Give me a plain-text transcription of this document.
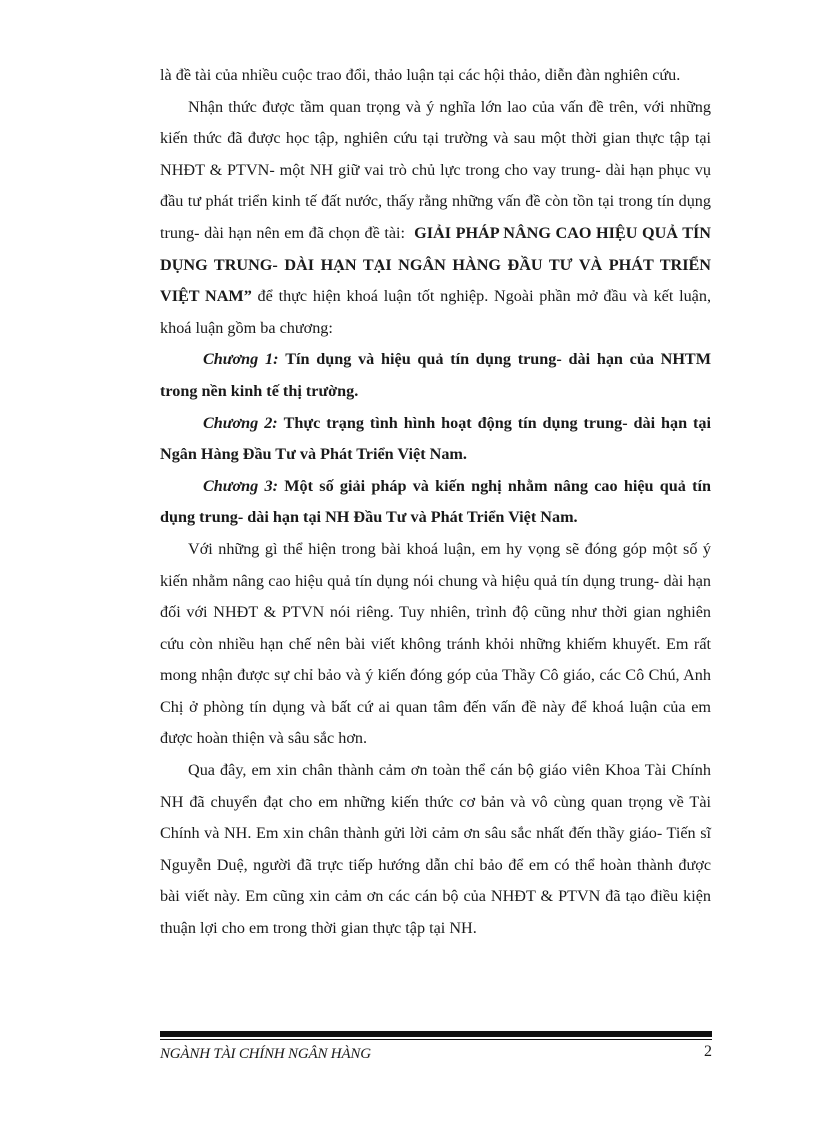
là đề tài của nhiều cuộc trao đổi, thảo luận tại các hội thảo, diễn đàn nghiên cứu.

Nhận thức được tầm quan trọng và ý nghĩa lớn lao của vấn đề trên, với những kiến thức đã được học tập, nghiên cứu tại trường và sau một thời gian thực tập tại NHĐT & PTVN- một NH giữ vai trò chủ lực trong cho vay trung- dài hạn phục vụ đầu tư phát triển kinh tế đất nước, thấy rằng những vấn đề còn tồn tại trong tín dụng trung- dài hạn nên em đã chọn đề tài: GIẢI PHÁP NÂNG CAO HIỆU QUẢ TÍN DỤNG TRUNG- DÀI HẠN TẠI NGÂN HÀNG ĐẦU TƯ VÀ PHÁT TRIỂN VIỆT NAM” để thực hiện khoá luận tốt nghiệp. Ngoài phần mở đầu và kết luận, khoá luận gồm ba chương:

Chương 1: Tín dụng và hiệu quả tín dụng trung- dài hạn của NHTM trong nền kinh tế thị trường.

Chương 2: Thực trạng tình hình hoạt động tín dụng trung- dài hạn tại Ngân Hàng Đầu Tư và Phát Triển Việt Nam.

Chương 3: Một số giải pháp và kiến nghị nhằm nâng cao hiệu quả tín dụng trung- dài hạn tại NH Đầu Tư và Phát Triển Việt Nam.

Với những gì thể hiện trong bài khoá luận, em hy vọng sẽ đóng góp một số ý kiến nhằm nâng cao hiệu quả tín dụng nói chung và hiệu quả tín dụng trung- dài hạn đối với NHĐT & PTVN nói riêng. Tuy nhiên, trình độ cũng như thời gian nghiên cứu còn nhiều hạn chế nên bài viết không tránh khỏi những khiếm khuyết. Em rất mong nhận được sự chỉ bảo và ý kiến đóng góp của Thầy Cô giáo, các Cô Chú, Anh Chị ở phòng tín dụng và bất cứ ai quan tâm đến vấn đề này để khoá luận của em được hoàn thiện và sâu sắc hơn.

Qua đây, em xin chân thành cảm ơn toàn thể cán bộ giáo viên Khoa Tài Chính NH đã chuyển đạt cho em những kiến thức cơ bản và vô cùng quan trọng về Tài Chính và NH. Em xin chân thành gửi lời cảm ơn sâu sắc nhất đến thầy giáo- Tiến sĩ Nguyễn Duệ, người đã trực tiếp hướng dẫn chỉ bảo để em có thể hoàn thành được bài viết này. Em cũng xin cảm ơn các cán bộ của NHĐT & PTVN đã tạo điều kiện thuận lợi cho em trong thời gian thực tập tại NH.

NGÀNH TÀI CHÍNH NGÂN HÀNG	2
